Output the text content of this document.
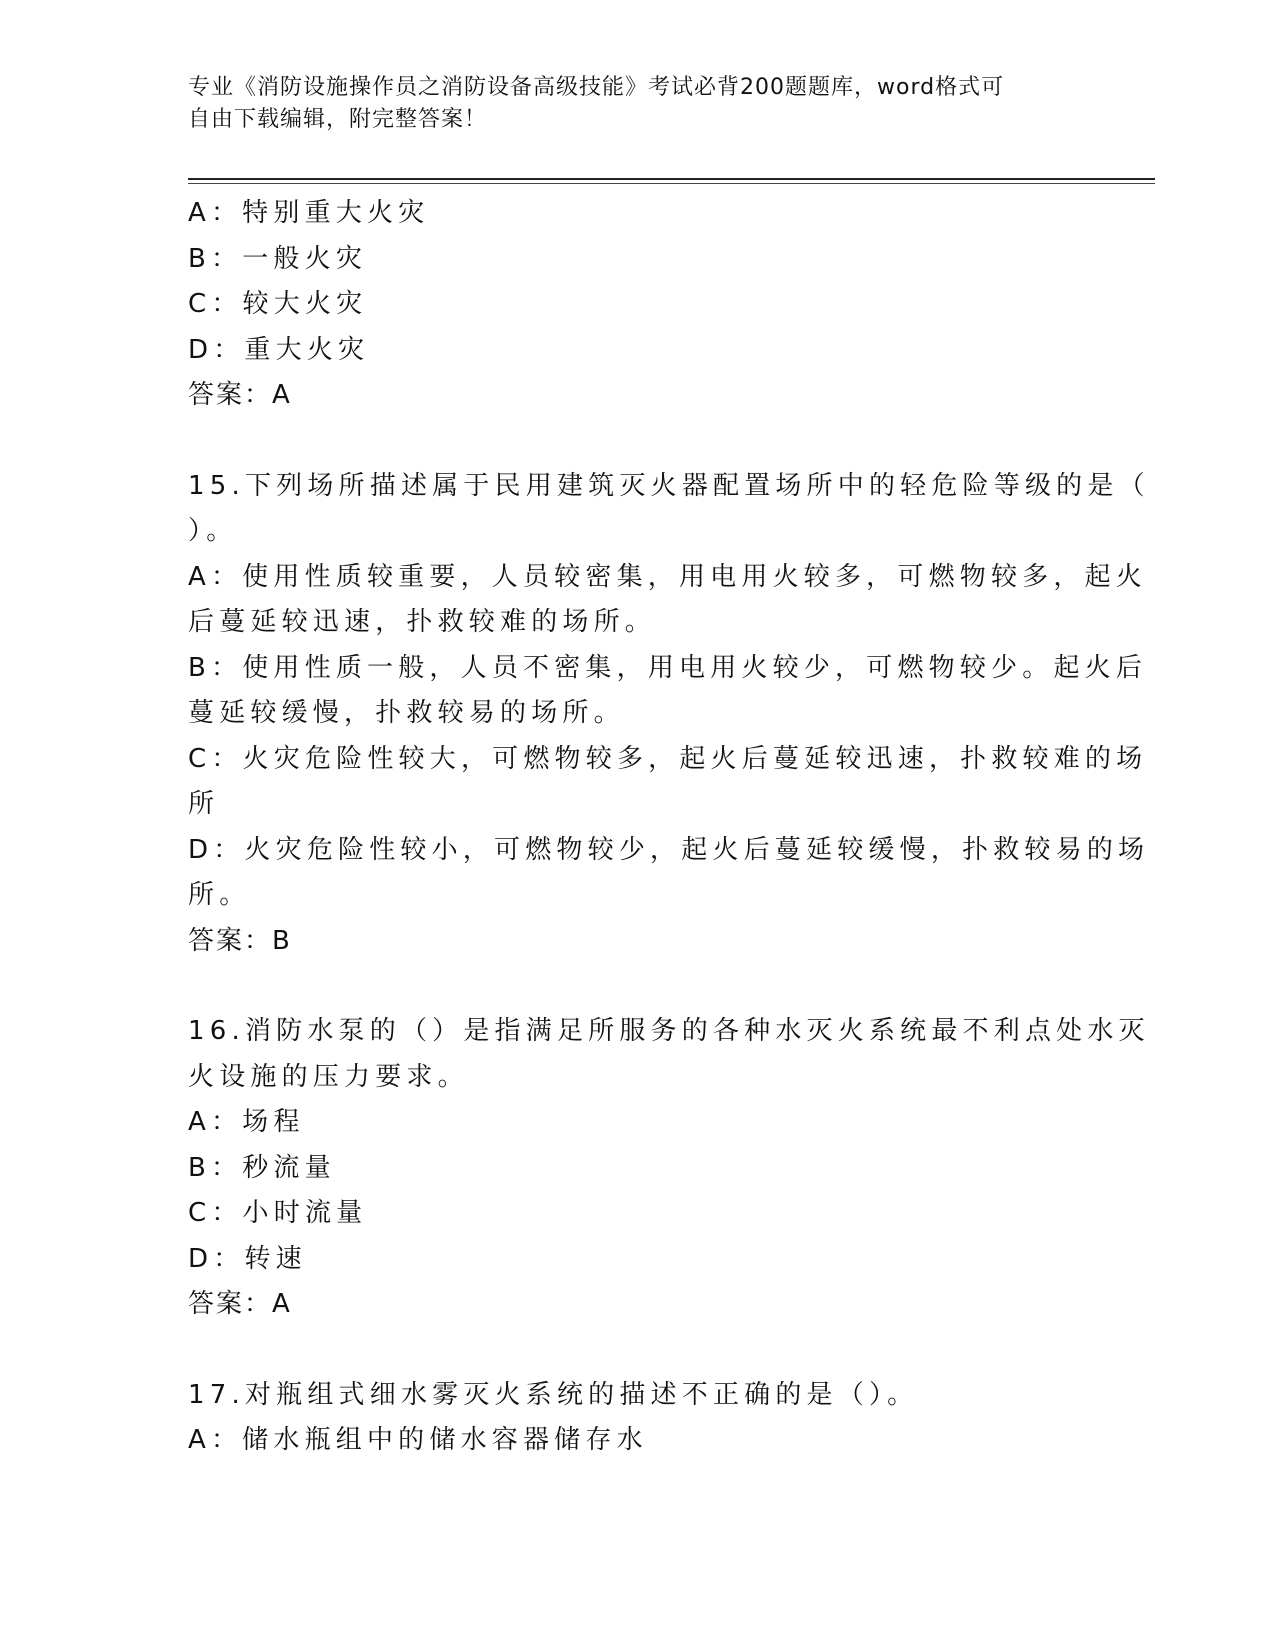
专业《消防设施操作员之消防设备高级技能》考试必背200题题库，word格式可
自由下载编辑，附完整答案！
A：特别重大火灾
B：一般火灾
C：较大火灾
D：重大火灾
答案：A
15.下列场所描述属于民用建筑灭火器配置场所中的轻危险等级的是（
）。
A：使用性质较重要，人员较密集，用电用火较多，可燃物较多，起火
后蔓延较迅速，扑救较难的场所。
B：使用性质一般，人员不密集，用电用火较少，可燃物较少。起火后
蔓延较缓慢，扑救较易的场所。
C：火灾危险性较大，可燃物较多，起火后蔓延较迅速，扑救较难的场
所
D：火灾危险性较小，可燃物较少，起火后蔓延较缓慢，扑救较易的场
所。
答案：B
16.消防水泵的（）是指满足所服务的各种水灭火系统最不利点处水灭
火设施的压力要求。
A：场程
B：秒流量
C：小时流量
D：转速
答案：A
17.对瓶组式细水雾灭火系统的描述不正确的是（）。
A：储水瓶组中的储水容器储存水
